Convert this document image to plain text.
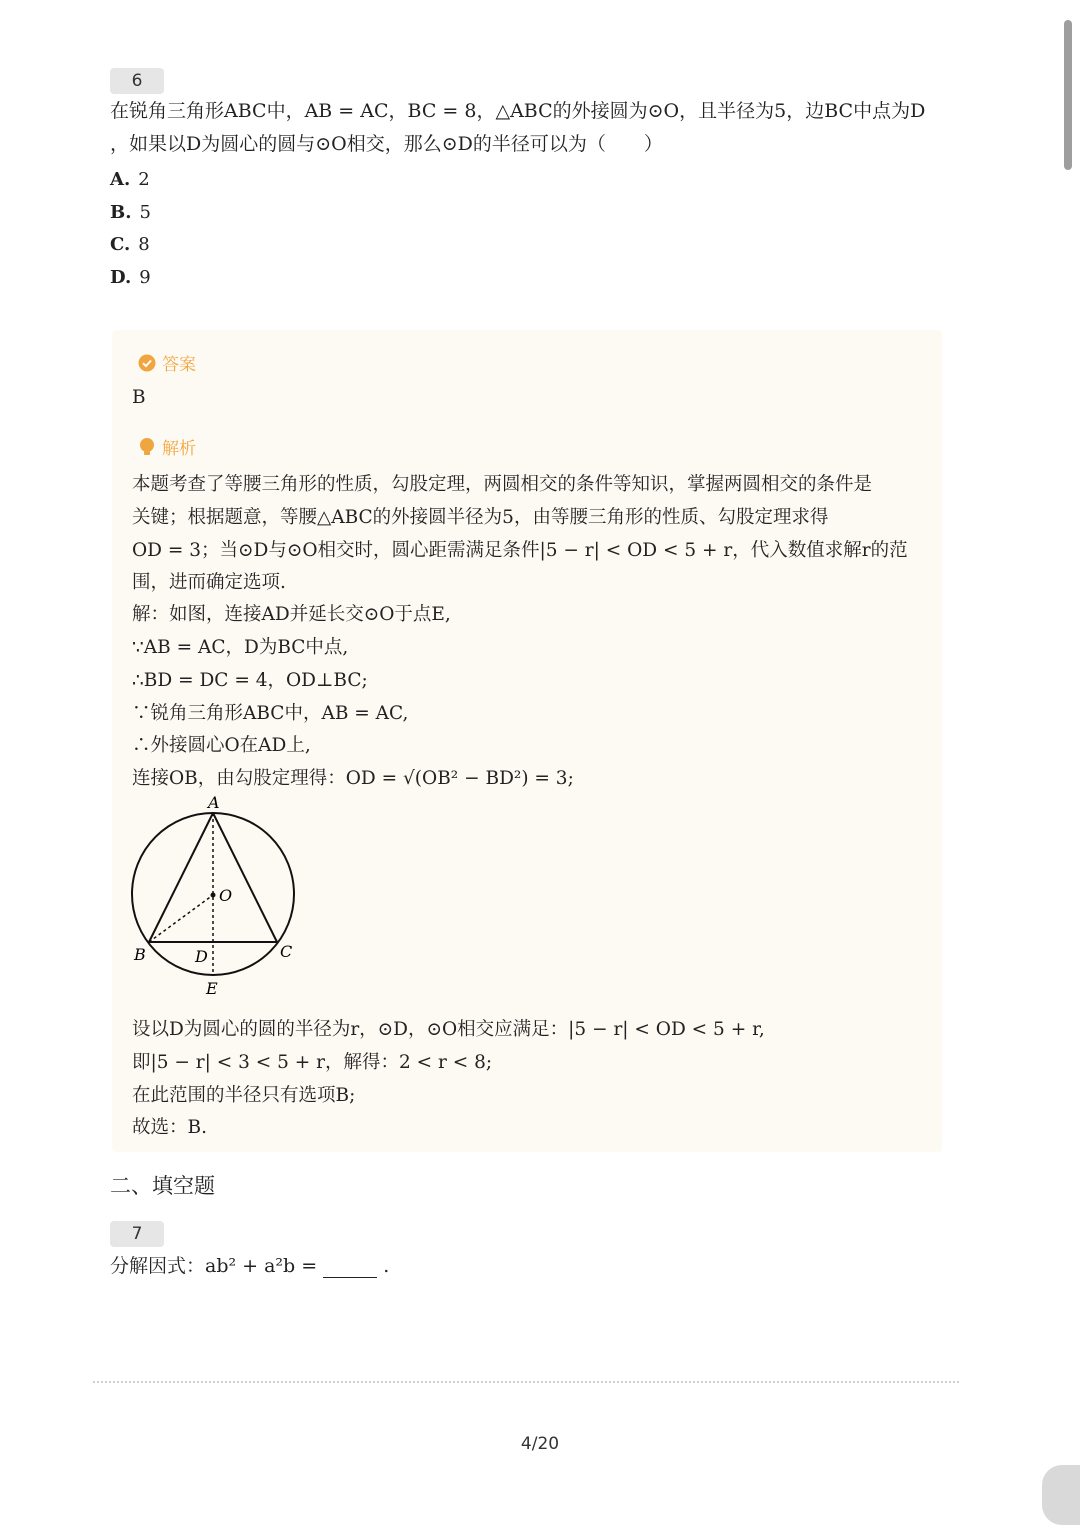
6
在锐角三角形ABC中，AB = AC，BC = 8，△ABC的外接圆为⊙O，且半径为5，边BC中点为D
，如果以D为圆心的圆与⊙O相交，那么⊙D的半径可以为（　　）
A. 2
B. 5
C. 8
D. 9
答案
B
解析
本题考查了等腰三角形的性质，勾股定理，两圆相交的条件等知识，掌握两圆相交的条件是
关键；根据题意，等腰△ABC的外接圆半径为5，由等腰三角形的性质、勾股定理求得
OD = 3；当⊙D与⊙O相交时，圆心距需满足条件|5 − r| < OD < 5 + r，代入数值求解r的范
围，进而确定选项.
解：如图，连接AD并延长交⊙O于点E,
∵AB = AC，D为BC中点,
∴BD = DC = 4，OD⊥BC;
∵锐角三角形ABC中，AB = AC,
∴外接圆心O在AD上,
连接OB，由勾股定理得：OD = √(OB² − BD²) = 3;
A
O
B	C
D
E
设以D为圆心的圆的半径为r，⊙D，⊙O相交应满足：|5 − r| < OD < 5 + r,
即|5 − r| < 3 < 5 + r，解得：2 < r < 8;
在此范围的半径只有选项B;
故选：B.
二、填空题
7
分解因式：ab² + a²b =	.
4/20
